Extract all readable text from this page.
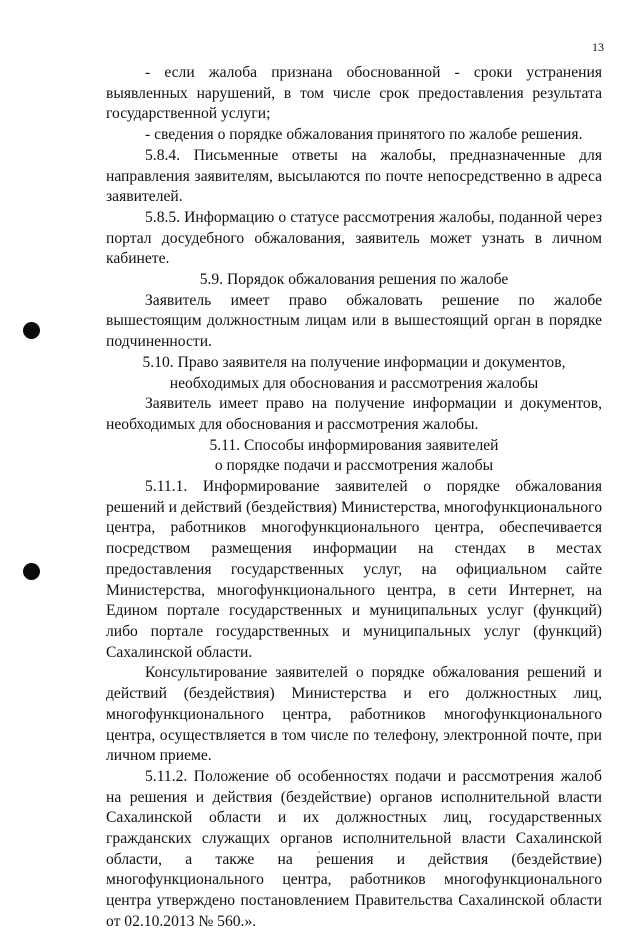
13

- если жалоба признана обоснованной - сроки устранения выявленных нарушений, в том числе срок предоставления результата государственной услуги;

- сведения о порядке обжалования принятого по жалобе решения.

5.8.4. Письменные ответы на жалобы, предназначенные для направления заявителям, высылаются по почте непосредственно в адреса заявителей.

5.8.5. Информацию о статусе рассмотрения жалобы, поданной через портал досудебного обжалования, заявитель может узнать в личном кабинете.

5.9. Порядок обжалования решения по жалобе

Заявитель имеет право обжаловать решение по жалобе вышестоящим должностным лицам или в вышестоящий орган в порядке подчиненности.

5.10. Право заявителя на получение информации и документов,

необходимых для обоснования и рассмотрения жалобы

Заявитель имеет право на получение информации и документов, необходимых для обоснования и рассмотрения жалобы.

5.11. Способы информирования заявителей

о порядке подачи и рассмотрения жалобы

5.11.1. Информирование заявителей о порядке обжалования решений и действий (бездействия) Министерства, многофункционального центра, работников многофункционального центра, обеспечивается посредством размещения информации на стендах в местах предоставления государственных услуг, на официальном сайте Министерства, многофункционального центра, в сети Интернет, на Едином портале государственных и муниципальных услуг (функций) либо портале государственных и муниципальных услуг (функций) Сахалинской области.

Консультирование заявителей о порядке обжалования решений и действий (бездействия) Министерства и его должностных лиц, многофункционального центра, работников многофункционального центра, осуществляется в том числе по телефону, электронной почте, при личном приеме.

5.11.2. Положение об особенностях подачи и рассмотрения жалоб на решения и действия (бездействие) органов исполнительной власти Сахалинской области и их должностных лиц, государственных гражданских служащих органов исполнительной власти Сахалинской области, а также на решения и действия (бездействие) многофункционального центра, работников многофункционального центра утверждено постановлением Правительства Сахалинской области от 02.10.2013 № 560.».
